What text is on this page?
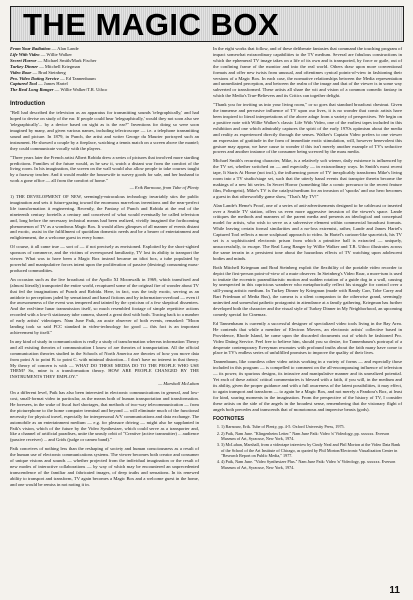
THE MAGIC BOX
From Your Radiation — Alan Lande
Life With Video — Willie Walker
Secret Horror — Michael Smith/Mark Fischer
Turkey Dinner — Mitchell Kriegman
Video Roar — Brad Steinberg
Pro. Video Dating Service — Ed Tannenbaum
Captured Tool — James Hartel
The Real Long Ranger — Willie Walker/T.R. Uthco
Introduction

"Bell had described the television as an apparatus for transmitting sounds 'telegraphically,' and had hoped to devise on study of the ear. If people could hear 'telegraphically,' would they not soon also see 'telegraphically'... by a device based on sight as is the ear?" Inventions for doing so were soon imagined by many, and given various names, including telectroscope — i.e. a telephone transmitting sound and picture. In 1879, in Punch, the artist and writer George du Maurier portrayed such an instrument. He showed a couple by a fireplace, watching a tennis match on a screen above the mantel; they could communicate vocally with the players.

"Three years later the French artist Albert Robida drew a series of pictures that involved more startling predictions. Families of the future would, as he saw it, watch a distant war from the comfort of the living room. In his imagination, the screen on the wall would also allow people to take courses taught by a faraway teacher. And it would enable the housewife to survey goods for sale, and her husband to work a gone office — all from the comfort of home."

— Erik Barnouw, from Tube of Plenty

1) THE DEVELOPMENT OF NEW, seemingly-miraculous technology invariably stirs the public imagination and sets it future-gazing toward the enormous marvelous inventions and the near-perfect life transformation it engineering. Recently, the Fantasy of Punch and Robida at the end of the nineteenth century foretells a century and conceived of what would eventually be called television and, long before the necessary technical means had been realized, vividly imagined the forthcoming phenomenon of TV as a wondrous Magic Box. It would allow glimpses of all manner of events distant and exotic, assist in the fulfillment of quotidian domestic needs and be a bearer of entertainment and enlightenment, the a welcome guest in every home.

Of course, it all came true — sort of — if not precisely as envisioned. Exploited by the short-sighted sponsors of commerce, and the victims of overexposed familiarity, TV lost its ability to transport the viewer. What was to have been a Magic Box instead became an idiot box, a tube populated by powerful and manipulative forces intent upon the proliferation of passive (desiring) consuming mass-produced commodities.

An occasion such as the live broadcast of the Apollo XI Moonwalk in 1969, which transfixed and (almost literally) transported the entire world, recaptured some of the original fire of wonder about TV that fed the imaginations of Punch and Robida. Here, in fact, was the truly exotic, serving as an antidote to perceptions jaded by sensational and banal fictions and by information-overload — even if the awesomeness of the event was tempered and tainted by the cynicism of a few skeptical dissenters. And the real-time lunar transmission itself, so much resembled footage of simple repetitive actions recorded with a low-fi stationary tube camera, shared a great deal with both. Tracing back to a number of early artists' videotapes. Nam June Paik, an acute observer of both events, remarked: "Moon landing took so said FCC standard in video-technology for good — this fact is an important achievement by itself."

In any kind of study in communication is really a study of transformation whereas information Theory and all existing theories of communication I know of are theories of transportation. All the official communication theories studied in the Schools of North America are theories of how you move data from point A to point B. to point C. with minimal distortion... I don't have no interest in that theory. My theory of concern is with — WHAT DO THESE MEDIA DO TO THE PEOPLE WHO USE THEM? So, mine is a transformation theory. HOW ARE PEOPLE CHANGED BY THE INSTRUMENTS THEY EMPLOY."

— Marshall McLuhan

On a different level, Paik has also been interested in electronic communications in general, and low-cost, small-format video in particular, as the means both of human transportation and transformation. He foresees, in the wake of fiscal fuel shortages, that methods of two-way telecommunication — from the picturephone to the home computer terminal and beyond — will eliminate much of the functional necessity for physical travel, especially for interpersonal A/V communications and data exchange. The automobile as an entertainment medium — e.g. for pleasure driving — might also be supplanted in Paik's vision, which of the future by the Video Synthesizer, which could serve as a transporter and, like a channel of artificial paradises, unite the unruly orbit of "Creative (active transmitter) ... audience (passive receiver) ... and Grids (judge or cameo band)."

Paik conceives of nothing less than the reshaping of society and human consciousness as a result of the human use of electronic communications systems. The viewer becomes both creator and consumer of unique visions and sounds — whether projected from the individual imagination or the result of new modes of interactive collaborations — by way of which may be encountered an unprecedented transcendence of the familiar and fabricated images, of deep truths and sensations. In its renewed ability to transport and transform, TV again becomes a Magic Box and a welcome guest in the home, and one would be remiss in not noting it in.

In the eight works that follow, and of these deliberate fantasies that command the touching program of impact somewhat extraordinary capabilities to the TV medium. Several are fabulous constructions in which the ephemeral TV image takes on a life of its own and is transported, by force or guile, out of the confining frame of the monitor and into the real world. Others draw upon more conventional formats and offer new twists from unusual, and oftentimes cynical points-of-view in fashioning their versions of a Magic Box. In each case, the normative relationships between the Media representation and unmediated perception, and between the realm of the image and that of the viewer is in some way subverted or transformed. These artists all share the wit and vision of a common comedic fantasy in which the Media's True-Believers and its Critics can together delight.

"Thank you for inviting us into your living room," or so goes that standard broadcast chestnut. Given the immense and pervasive influence of TV upon our lives, it is no wonder that comic artists have been inspired to literal interpretations of the above adage from a variety of perspectives. We begin on a positive note with Willie Walker's classic Life With Video, one of the earliest tapes included in this exhibition and one which admirably captures the spirit of the early 1970s optimism about the media and reality as experienced directly through the senses. Walker's Captain Video prefers to one viewer an expression of gratitude in the form of immediate erotic stimulation, will, however benevolent this gesture may appear, we have cause to wonder if this isn't merely another example of TV's seductive powers and another instance of the consumer being screwed by the mass media.

Michael Smith's recurring character, Mike, is a relatively soft wiener, daily existence is influenced by the TV set, whether switched on — and especially — in extraordinary ways. In Smith's most recent tape, It Starts At Home (not incl.), the influencing power of TV inexplicably transforms Mike's living room into a TV studio/stage set, such that the utterly banal events that transpire therein become the makings of a new hit series. In Secret Horror (something like a comic precursor to the recent feature film, Poltergeist), Mike's TV is the catalyst/medium for an invasion of 'spooks' and our hero becomes a guest in that otherworldly game show, "That's My TV!"

Alan Lande's Heme's Proof, one of a series of anti-advertisements designed to be cablecast or inserted over a Seattle TV station, offers us even more aggressive invasion of the viewer's space. Lande critiques the methods and manners of the parent media and presents an ideological and conceptual model for artists, who wish to serve as a subversive element within commercial broadcast formats. While leaving certain formal similarities and a no-loss extremist, rather, Lande and James Hartel's Captured Tool reflects a more sculptural approach to video. In Hartel's cartoon-like spacetrick, his TV set is a sophisticated electronic prison from which a primitive ball is extracted — uniquely, unsuccessfully, to escape. The Real Long Ranger by Willie Walker and T.R. Uthco illustrates across the same terrain in a persistent tone about the hazardous effects of TV watching upon adolescent bodies and minds.

Both Mitchell Kriegman and Brad Steinberg exploit the flexibility of the portable video recorder to depict the first-person point-of-view of a mute observer. In Steinberg's Video Roar, a more-tum is used to imitate the eccentric paramilitaristic motion and sudden rotation of a guide dog in a wall, causing by unexpected in this capricious wanderer who metaphorically reflect his struggle for control over a still-young artistic medium. In Turkey Dinner by Kriegman (made with Randy Carr, Tobe Carey and Bart Friedman of Media Bus), the camera is a silent companion to the otherwise grand, seemingly uninvited and somewhat pathetic protagonist in attendance at a family gathering. Kriegman has further developed both the character and the visual style of Turkey Dinner in My Neighborhood, an upcoming comedy special for Cinemax.

Ed Tannenbaum is currently a successful designer of specialized video tools living in the Bay Area. He contends that while a member of Electron Movers, an electronic artists' collective based in Providence, Rhode Island, he came upon the discarded documents out of which he fashioned Pro. Video Dating Service. Feel free to believe him, should you so desire, for Tannenbaum's portrayal of a desperate contemporary Everyman resonates with profound truths about the faith many have come to place in TV's endless series of unfulfilled promises to improve the quality of their lives.

Tannenbaum, like countless other video artists working in a variety of forms — and especially those included in this program — is compelled to comment on the all-encompassing influence of television — its power, its spurious designs, its intrusive and manipulative manner and its unrealized potential. Yet each of these artists' critical commentaries is blessed with a faith, if you will, in the medium and its ability, given the proper guidance and with a full awareness of the latent possibilities, it may effect, to again transport and transform — to again be a Magic Box, and not merely a Pandora's Box, at least for kind, soaring moments in the imagination. From the perspective of the history of TV, I consider these artists on the side of the angels in the broadest sense, remembering that the visionary flight of angels both precedes and transcends that of monotonous and imprecise beasts (gods).

FOOTNOTES
1. 1) Barnouw, Erik. Tube of Plenty, pp. 4-5. Oxford University Press, 1975.
2. 2) Paik, Nam June. "Klingenheim Letter." Nam June Paik: Video 'n' Videology, pp. xxxxxx. Everson Museum of Art, Syracuse, New York, 1974.
3. 3) McLuhan, Marshall, from a videotape interview by Cindy Neal and Phil Morton at the Video Data Bank of the School of the Art Institute of Chicago, as quoted by Phil Morton/Electronic Visualization Center in "Research Report on Public Media," 1977.
4. 4) Paik, Nam June. "Video Synthesizer Plus." Nam June Paik: Video 'n' Videology, pp. xxxxxx. Everson Museum of Art, Syracuse, New York, 1974.
11
